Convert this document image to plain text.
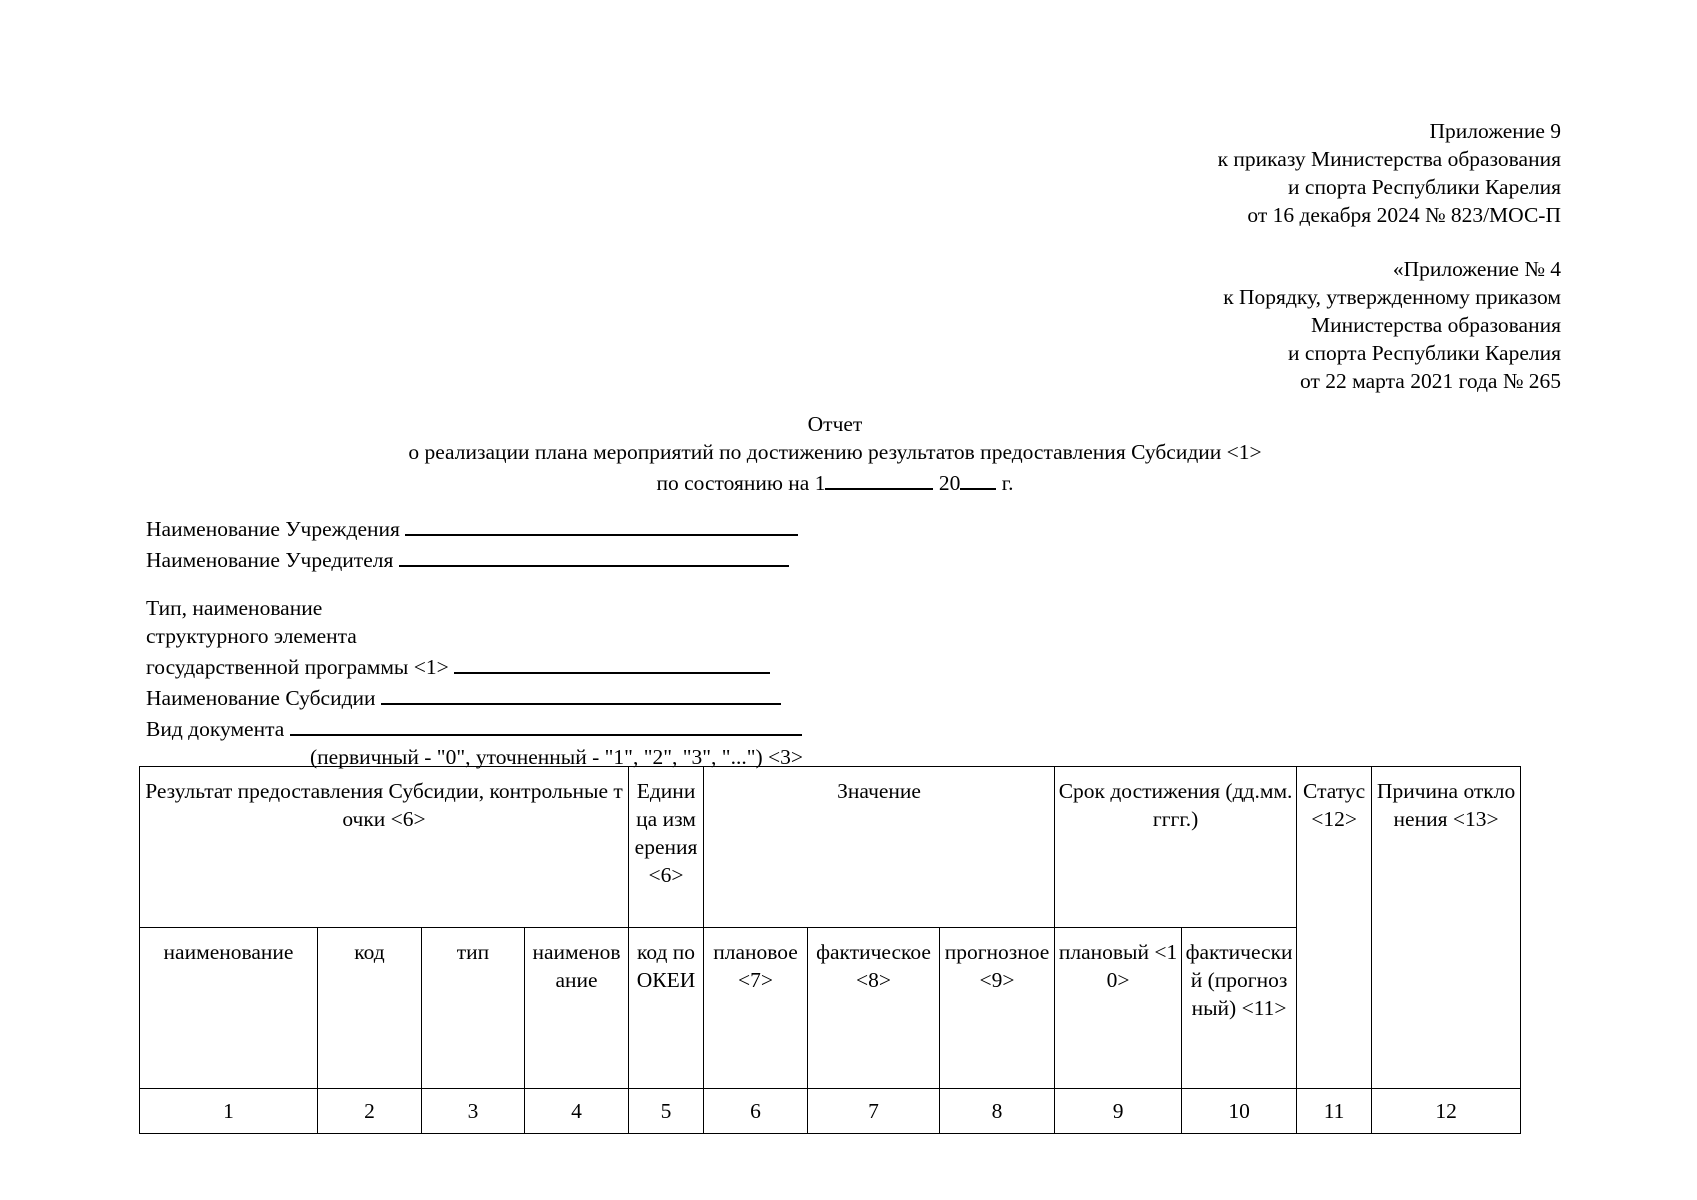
Приложение 9
к приказу Министерства образования
и спорта Республики Карелия
от 16 декабря 2024 № 823/МОС-П
«Приложение № 4
к Порядку, утвержденному приказом
Министерства образования
и спорта Республики Карелия
от 22 марта 2021 года № 265
Отчет
о реализации плана мероприятий по достижению результатов предоставления Субсидии <1>
по состоянию на 1	20 г.
Наименование Учреждения
Наименование Учредителя
Тип, наименование
структурного элемента
государственной программы <1>
Наименование Субсидии
Вид документа
(первичный - "0", уточненный - "1", "2", "3", "...") <3>
Результат предоставления Субсидии, контрольные точки <6>				Единица измерения <6>	Значение			Срок достижения (дд.мм.гггг.)		Статус <12>	Причина отклонения <13>
наименование	код	тип	наименование	код по ОКЕИ	плановое <7>	фактическое <8>	прогнозное <9>	плановый <10>	фактический (прогнозный) <11>		
1	2	3	4	5	6	7	8	9	10	11	12
